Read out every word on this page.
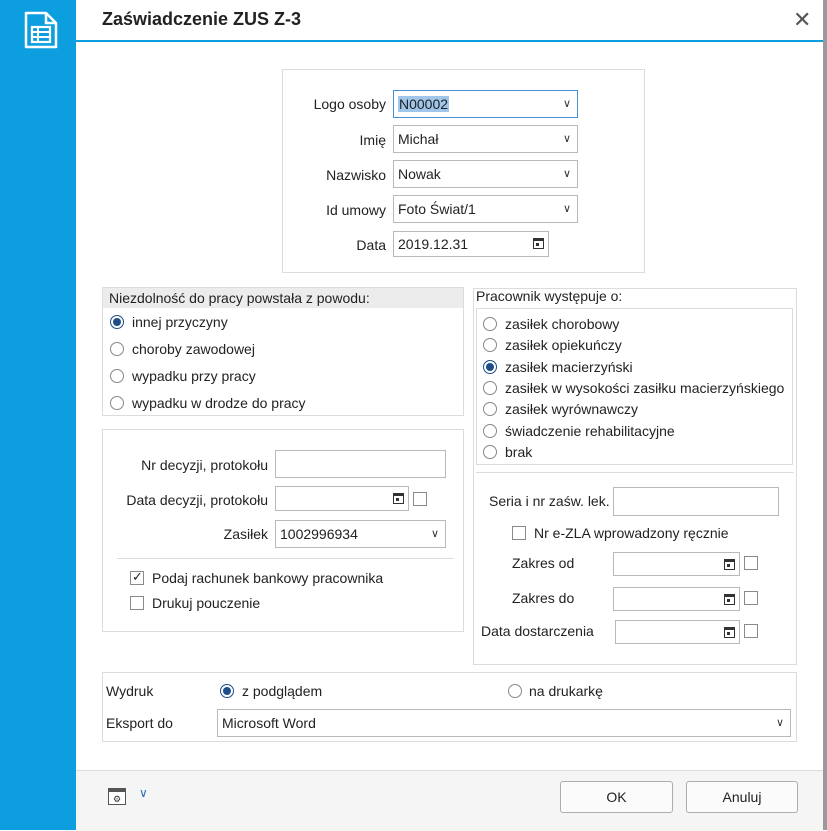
Zaświadczenie ZUS Z-3	✕
Logo osoby N00002	∨
Imię Michał	∨
Nazwisko Nowak	∨
Id umowy Foto Świat/1	∨
Data 2019.12.31
Niezdolność do pracy powstała z powodu:
innej przyczyny
choroby zawodowej
wypadku przy pracy
wypadku w drodze do pracy
Pracownik występuje o:
zasiłek chorobowy
zasiłek opiekuńczy
zasiłek macierzyński
zasiłek w wysokości zasiłku macierzyńskiego
zasiłek wyrównawczy
świadczenie rehabilitacyjne
brak
Nr decyzji, protokołu
Data decyzji, protokołu
Zasiłek 1002996934	∨
✓
Podaj rachunek bankowy pracownika
Drukuj pouczenie
Seria i nr zaśw. lek.
Nr e-ZLA wprowadzony ręcznie
Zakres od
Zakres do
Data dostarczenia
Wydruk	z podglądem	na drukarkę
Eksport do	Microsoft Word	∨
⚙ ∨	OK	Anuluj
